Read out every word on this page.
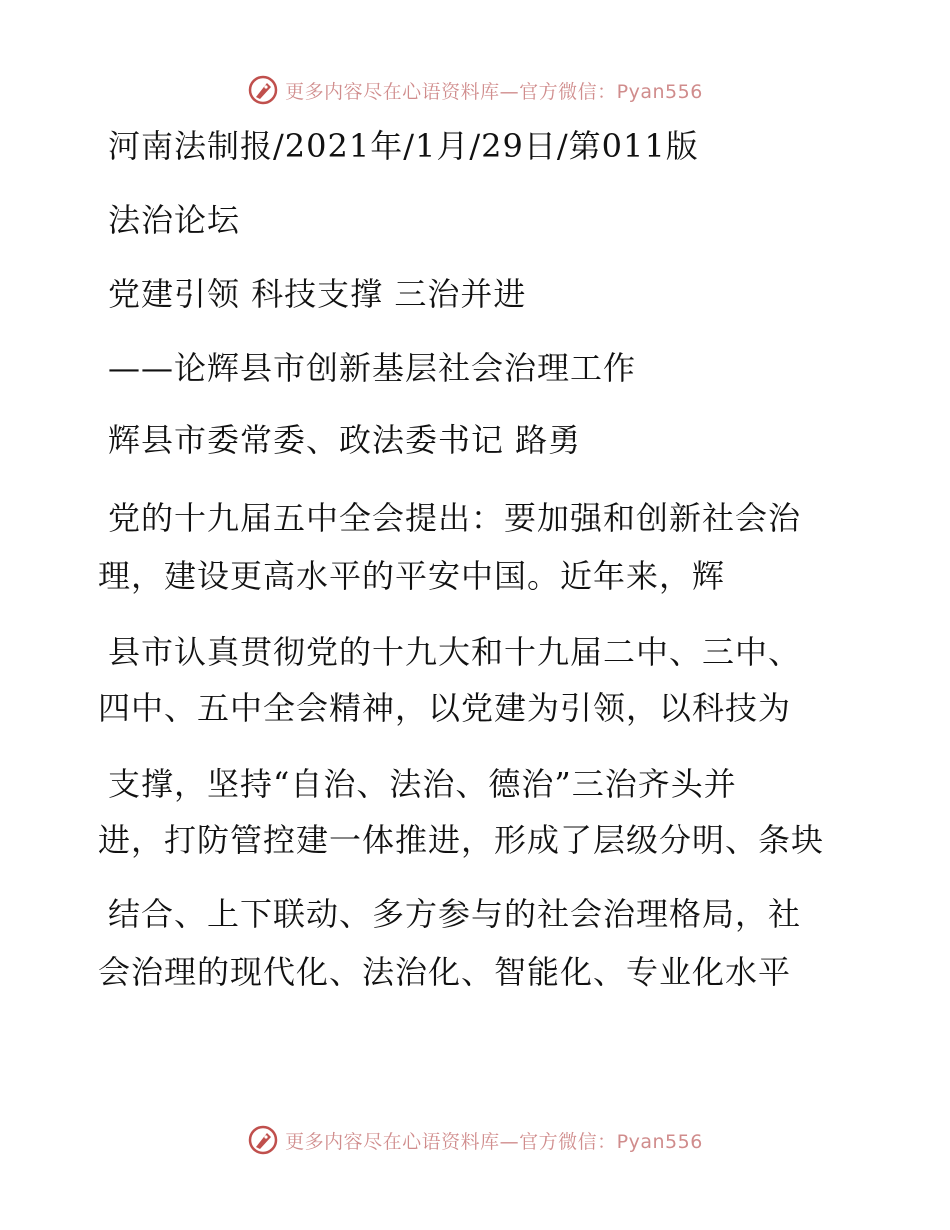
更多内容尽在心语资料库—官方微信：Pyan556
河南法制报/2021年/1月/29日/第011版
法治论坛
党建引领 科技支撑 三治并进
——论辉县市创新基层社会治理工作
辉县市委常委、政法委书记 路勇
党的十九届五中全会提出：要加强和创新社会治
理，建设更高水平的平安中国。近年来，辉
县市认真贯彻党的十九大和十九届二中、三中、
四中、五中全会精神，以党建为引领，以科技为
支撑，坚持“自治、法治、德治”三治齐头并
进，打防管控建一体推进，形成了层级分明、条块
结合、上下联动、多方参与的社会治理格局，社
会治理的现代化、法治化、智能化、专业化水平
更多内容尽在心语资料库—官方微信：Pyan556
